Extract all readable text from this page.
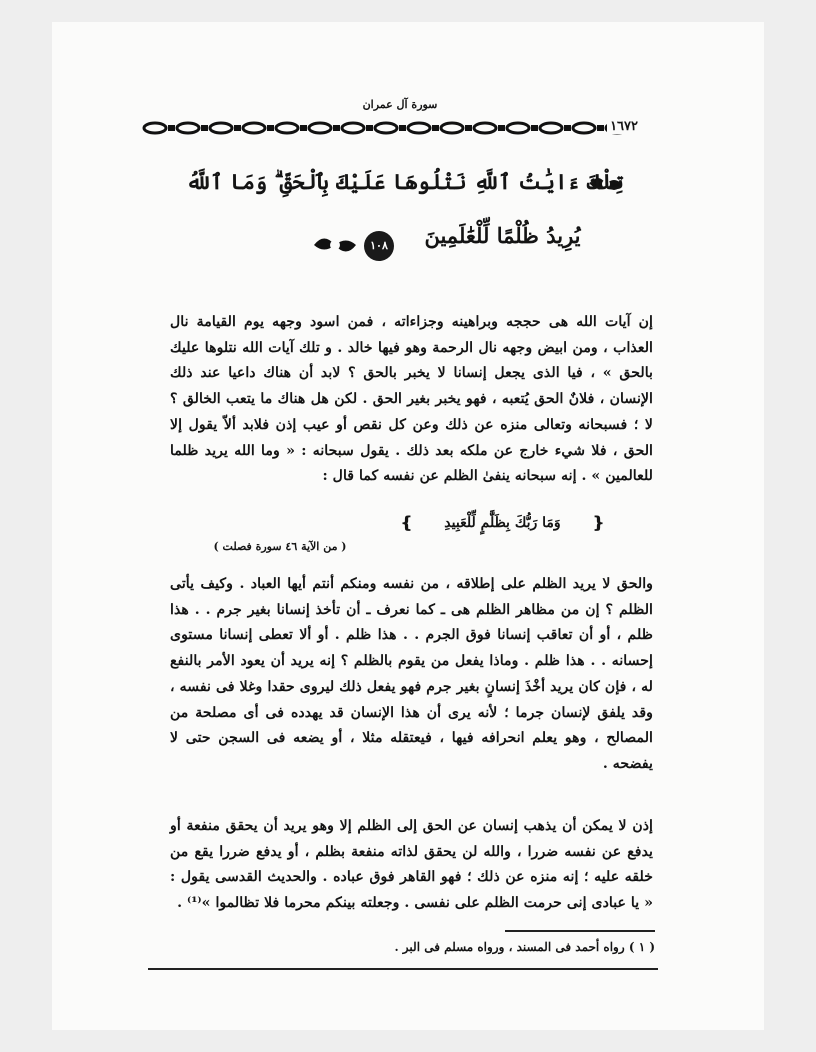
سورة آل عمران
١٦٧٢
تِلْكَ ءَايَٰتُ ٱللَّهِ نَتْلُوهَا عَلَيْكَ بِٱلْحَقِّ ۗ وَمَا ٱللَّهُ
يُرِيدُ ظُلْمًا لِّلْعَٰلَمِينَ
١٠٨
إن آيات الله هى حججه وبراهينه وجزاءاته ، فمن اسود وجهه يوم القيامة نال العذاب ، ومن ابيض وجهه نال الرحمة وهو فيها خالد . و تلك آيات الله نتلوها عليك بالحق » ، فيا الذى يجعل إنسانا لا يخبر بالحق ؟ لابد أن هناك داعيا عند ذلك الإنسان ، فلانٌ الحق يُتعبه ، فهو يخبر بغير الحق . لكن هل هناك ما يتعب الخالق ؟ لا ؛ فسبحانه وتعالى منزه عن ذلك وعن كل نقص أو عيب إذن فلابد ألاّ يقول إلا الحق ، فلا شيء خارج عن ملكه بعد ذلك . يقول سبحانه : « وما الله يريد ظلما للعالمين » . إنه سبحانه ينفىٰ الظلم عن نفسه كما قال :
❴
وَمَا رَبُّكَ بِظَلَّٰمٍ لِّلْعَبِيدِ
❵
( من الآية ٤٦ سورة فصلت )
والحق لا يريد الظلم على إطلاقه ، من نفسه ومنكم أنتم أيها العباد . وكيف يأتى الظلم ؟ إن من مظاهر الظلم هى ـ كما نعرف ـ أن تأخذ إنسانا بغير جرم . . هذا ظلم ، أو أن تعاقب إنسانا فوق الجرم . . هذا ظلم . أو ألا تعطى إنسانا مستوى إحسانه . . هذا ظلم . وماذا يفعل من يقوم بالظلم ؟ إنه يريد أن يعود الأمر بالنفع له ، فإن كان يريد أخْذَ إنسانٍ بغير جرم فهو يفعل ذلك ليروى حقدا وغلا فى نفسه ، وقد يلفق لإنسان جرما ؛ لأنه يرى أن هذا الإنسان قد يهدده فى أى مصلحة من المصالح ، وهو يعلم انحرافه فيها ، فيعتقله مثلا ، أو يضعه فى السجن حتى لا يفضحه .
إذن لا يمكن أن يذهب إنسان عن الحق إلى الظلم إلا وهو يريد أن يحقق منفعة أو يدفع عن نفسه ضررا ، والله لن يحقق لذاته منفعة بظلم ، أو يدفع ضررا يقع من خلقه عليه ؛ إنه منزه عن ذلك ؛ فهو القاهر فوق عباده . والحديث القدسى يقول : « يا عبادى إنى حرمت الظلم على نفسى . وجعلته بينكم محرما فلا تظالموا »⁽¹⁾ .
( ١ ) رواه أحمد فى المسند ، ورواه مسلم فى البر .
